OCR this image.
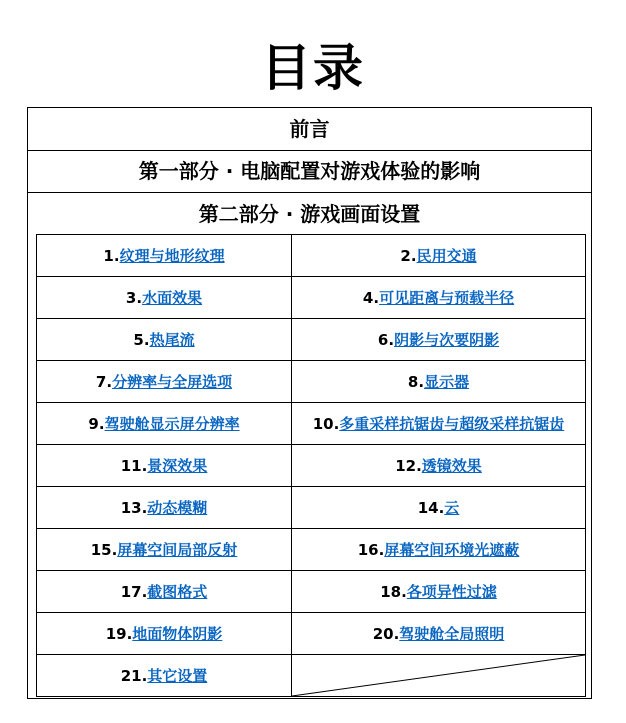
目录
前言
第一部分 · 电脑配置对游戏体验的影响
第二部分 · 游戏画面设置
1.纹理与地形纹理	2.民用交通
3.水面效果	4.可见距离与预载半径
5.热尾流	6.阴影与次要阴影
7.分辨率与全屏选项	8.显示器
9.驾驶舱显示屏分辨率	10.多重采样抗锯齿与超级采样抗锯齿
11.景深效果	12.透镜效果
13.动态模糊	14.云
15.屏幕空间局部反射	16.屏幕空间环境光遮蔽
17.截图格式	18.各项异性过滤
19.地面物体阴影	20.驾驶舱全局照明
21.其它设置	
